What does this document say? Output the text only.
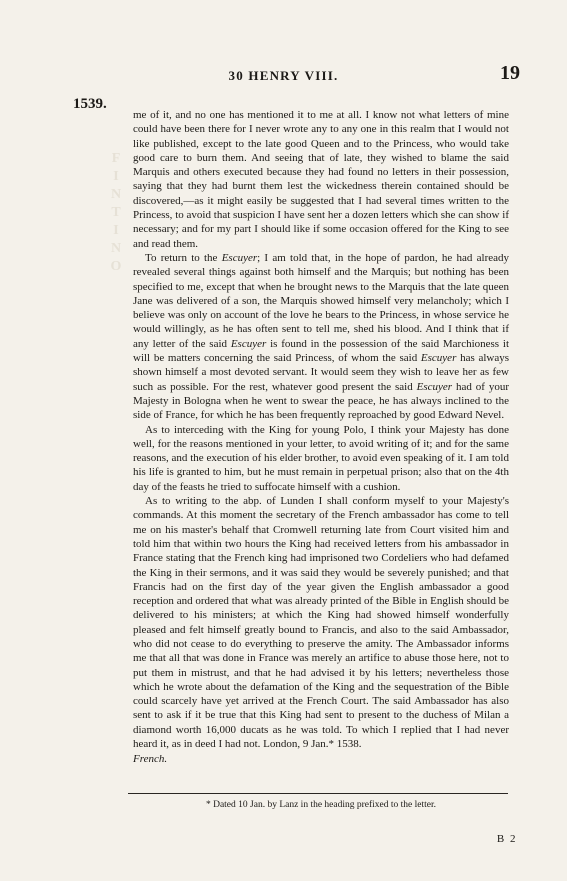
30 HENRY VIII.	19
F
I
N
T
I
N
O
1539.

me of it, and no one has mentioned it to me at all. I know not what letters of mine could have been there for I never wrote any to any one in this realm that I would not like published, except to the late good Queen and to the Princess, who would take good care to burn them. And seeing that of late, they wished to blame the said Marquis and others executed because they had found no letters in their possession, saying that they had burnt them lest the wickedness therein contained should be discovered,—as it might easily be suggested that I had several times written to the Princess, to avoid that suspicion I have sent her a dozen letters which she can show if necessary; and for my part I should like if some occasion offered for the King to see and read them.

To return to the Escuyer; I am told that, in the hope of pardon, he had already revealed several things against both himself and the Marquis; but nothing has been specified to me, except that when he brought news to the Marquis that the late queen Jane was delivered of a son, the Marquis showed himself very melancholy; which I believe was only on account of the love he bears to the Princess, in whose service he would willingly, as he has often sent to tell me, shed his blood. And I think that if any letter of the said Escuyer is found in the possession of the said Marchioness it will be matters concerning the said Princess, of whom the said Escuyer has always shown himself a most devoted servant. It would seem they wish to leave her as few such as possible. For the rest, whatever good present the said Escuyer had of your Majesty in Bologna when he went to swear the peace, he has always inclined to the side of France, for which he has been frequently reproached by good Edward Nevel.

As to interceding with the King for young Polo, I think your Majesty has done well, for the reasons mentioned in your letter, to avoid writing of it; and for the same reasons, and the execution of his elder brother, to avoid even speaking of it. I am told his life is granted to him, but he must remain in perpetual prison; also that on the 4th day of the feasts he tried to suffocate himself with a cushion.

As to writing to the abp. of Lunden I shall conform myself to your Majesty's commands. At this moment the secretary of the French ambassador has come to tell me on his master's behalf that Cromwell returning late from Court visited him and told him that within two hours the King had received letters from his ambassador in France stating that the French king had imprisoned two Cordeliers who had defamed the King in their sermons, and it was said they would be severely punished; and that Francis had on the first day of the year given the English ambassador a good reception and ordered that what was already printed of the Bible in English should be delivered to his ministers; at which the King had showed himself wonderfully pleased and felt himself greatly bound to Francis, and also to the said Ambassador, who did not cease to do everything to preserve the amity. The Ambassador informs me that all that was done in France was merely an artifice to abuse those here, not to put them in mistrust, and that he had advised it by his letters; nevertheless those which he wrote about the defamation of the King and the sequestration of the Bible could scarcely have yet arrived at the French Court. The said Ambassador has also sent to ask if it be true that this King had sent to present to the duchess of Milan a diamond worth 16,000 ducats as he was told. To which I replied that I had never heard it, as in deed I had not. London, 9 Jan.* 1538.

French.

* Dated 10 Jan. by Lanz in the heading prefixed to the letter.
B 2
